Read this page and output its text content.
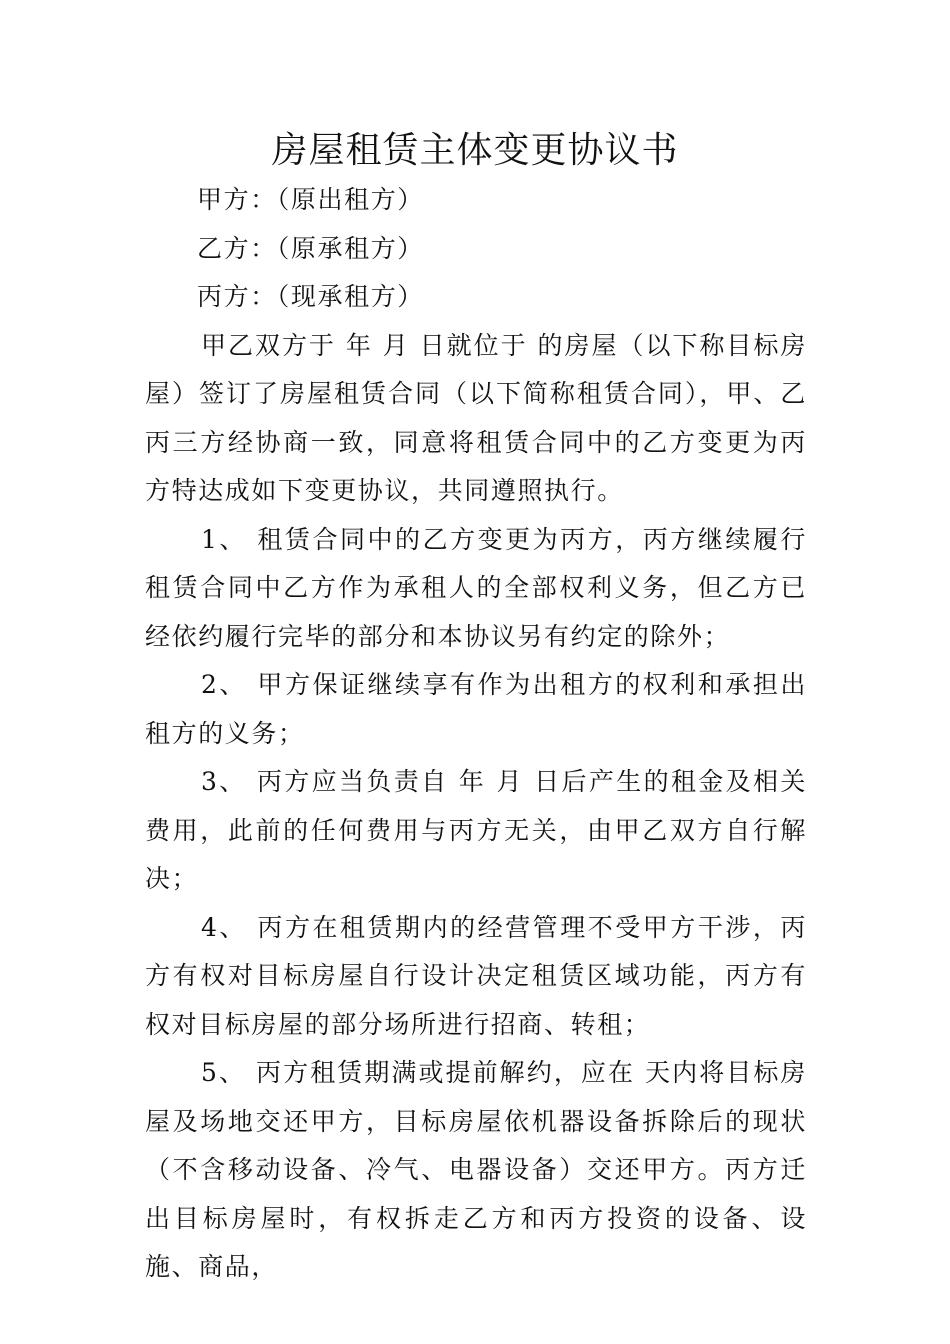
房屋租赁主体变更协议书

甲方：（原出租方）

乙方：（原承租方）

丙方：（现承租方）

甲乙双方于 年 月 日就位于 的房屋（以下称目标房屋）签订了房屋租赁合同（以下简称租赁合同），甲、乙丙三方经协商一致，同意将租赁合同中的乙方变更为丙方特达成如下变更协议，共同遵照执行。

1、 租赁合同中的乙方变更为丙方，丙方继续履行租赁合同中乙方作为承租人的全部权利义务，但乙方已经依约履行完毕的部分和本协议另有约定的除外；

2、 甲方保证继续享有作为出租方的权利和承担出租方的义务；

3、 丙方应当负责自 年 月 日后产生的租金及相关费用，此前的任何费用与丙方无关，由甲乙双方自行解决；

4、 丙方在租赁期内的经营管理不受甲方干涉，丙方有权对目标房屋自行设计决定租赁区域功能，丙方有权对目标房屋的部分场所进行招商、转租；

5、 丙方租赁期满或提前解约，应在 天内将目标房屋及场地交还甲方，目标房屋依机器设备拆除后的现状（不含移动设备、冷气、电器设备）交还甲方。丙方迁出目标房屋时，有权拆走乙方和丙方投资的设备、设施、商品，
